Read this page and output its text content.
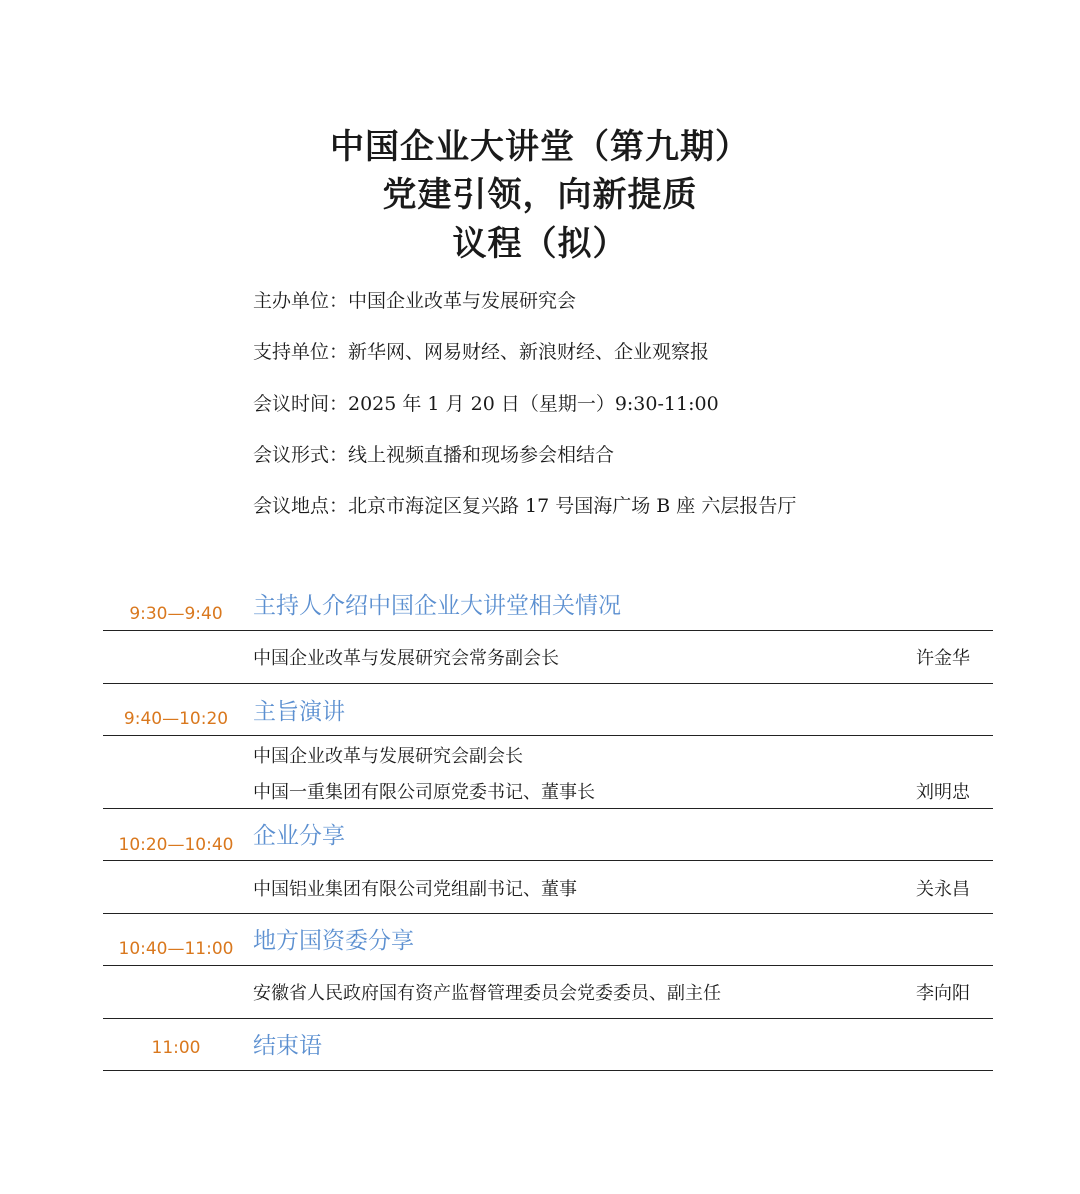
中国企业大讲堂（第九期）
党建引领，向新提质
议程（拟）
主办单位：中国企业改革与发展研究会
支持单位：新华网、网易财经、新浪财经、企业观察报
会议时间：2025 年 1 月 20 日（星期一）9:30-11:00
会议形式：线上视频直播和现场参会相结合
会议地点：北京市海淀区复兴路 17 号国海广场 B 座 六层报告厅
9:30—9:40	主持人介绍中国企业大讲堂相关情况
中国企业改革与发展研究会常务副会长	许金华
9:40—10:20	主旨演讲
中国企业改革与发展研究会副会长
中国一重集团有限公司原党委书记、董事长	刘明忠
10:20—10:40 企业分享
中国铝业集团有限公司党组副书记、董事	关永昌
10:40—11:00 地方国资委分享
安徽省人民政府国有资产监督管理委员会党委委员、副主任	李向阳
11:00	结束语
